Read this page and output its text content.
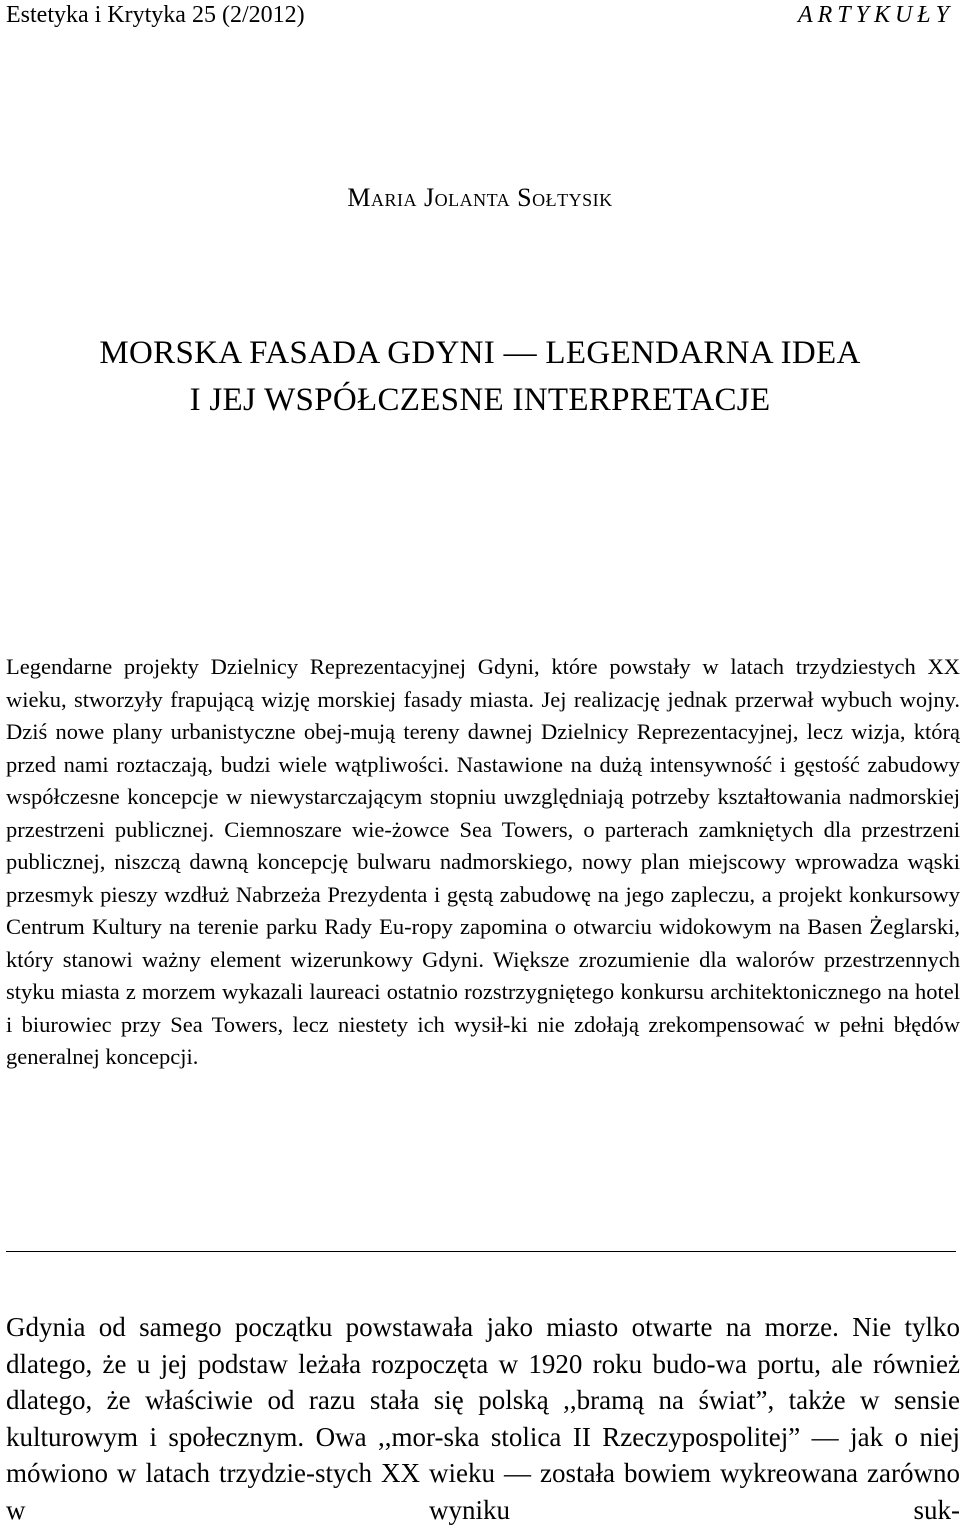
Estetyka i Krytyka 25 (2/2012)	ARTYKUŁY
Maria Jolanta Sołtysik
MORSKA FASADA GDYNI — LEGENDARNA IDEA
I JEJ WSPÓŁCZESNE INTERPRETACJE

Legendarne projekty Dzielnicy Reprezentacyjnej Gdyni, które powstały w latach trzydziestych XX wieku, stworzyły frapującą wizję morskiej fasady miasta. Jej realizację jednak przerwał wybuch wojny. Dziś nowe plany urbanistyczne obej-mują tereny dawnej Dzielnicy Reprezentacyjnej, lecz wizja, którą przed nami roztaczają, budzi wiele wątpliwości. Nastawione na dużą intensywność i gęstość zabudowy współczesne koncepcje w niewystarczającym stopniu uwzględniają potrzeby kształtowania nadmorskiej przestrzeni publicznej. Ciemnoszare wie-żowce Sea Towers, o parterach zamkniętych dla przestrzeni publicznej, niszczą dawną koncepcję bulwaru nadmorskiego, nowy plan miejscowy wprowadza wąski przesmyk pieszy wzdłuż Nabrzeża Prezydenta i gęstą zabudowę na jego zapleczu, a projekt konkursowy Centrum Kultury na terenie parku Rady Eu-ropy zapomina o otwarciu widokowym na Basen Żeglarski, który stanowi ważny element wizerunkowy Gdyni. Większe zrozumienie dla walorów przestrzennych styku miasta z morzem wykazali laureaci ostatnio rozstrzygniętego konkursu architektonicznego na hotel i biurowiec przy Sea Towers, lecz niestety ich wysił-ki nie zdołają zrekompensować w pełni błędów generalnej koncepcji.

Gdynia od samego początku powstawała jako miasto otwarte na morze. Nie tylko dlatego, że u jej podstaw leżała rozpoczęta w 1920 roku budo-wa portu, ale również dlatego, że właściwie od razu stała się polską ,,bramą na świat”, także w sensie kulturowym i społecznym. Owa ,,mor-ska stolica II Rzeczypospolitej” — jak o niej mówiono w latach trzydzie-stych XX wieku — została bowiem wykreowana zarówno w wyniku suk-
